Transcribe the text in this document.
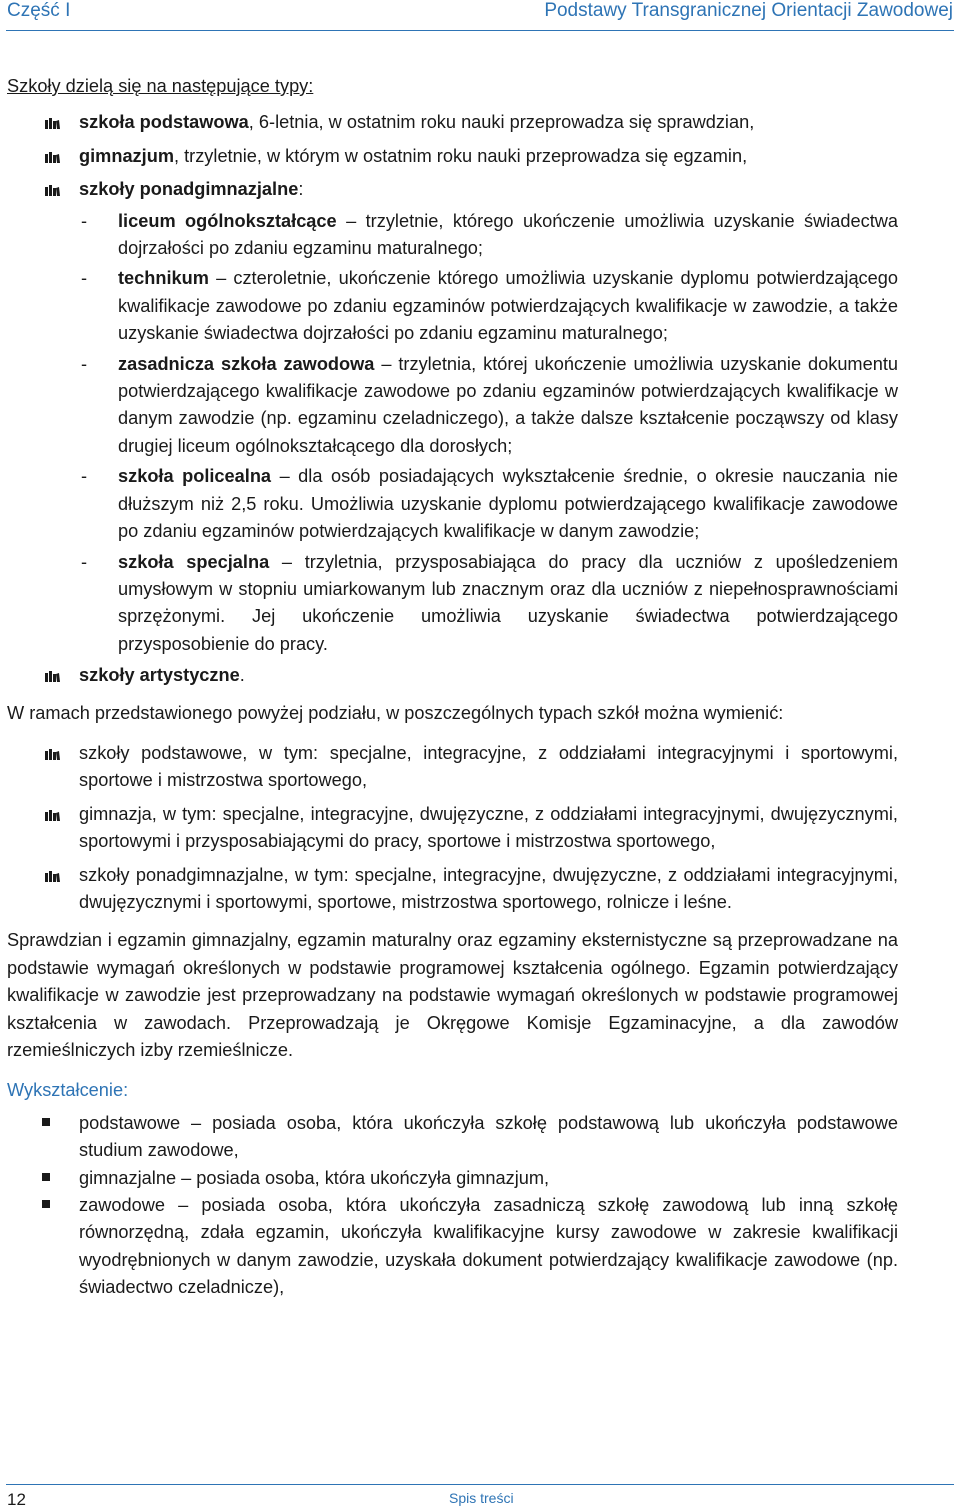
Część I	Podstawy Transgranicznej Orientacji Zawodowej

Szkoły dzielą się na następujące typy:

szkoła podstawowa, 6-letnia, w ostatnim roku nauki przeprowadza się sprawdzian,
gimnazjum, trzyletnie, w którym w ostatnim roku nauki przeprowadza się egzamin,
szkoły ponadgimnazjalne:
- liceum ogólnokształcące – trzyletnie, którego ukończenie umożliwia uzyskanie świadectwa dojrzałości po zdaniu egzaminu maturalnego;
- technikum – czteroletnie, ukończenie którego umożliwia uzyskanie dyplomu potwierdzającego kwalifikacje zawodowe po zdaniu egzaminów potwierdzających kwalifikacje w zawodzie, a także uzyskanie świadectwa dojrzałości po zdaniu egzaminu maturalnego;
- zasadnicza szkoła zawodowa – trzyletnia, której ukończenie umożliwia uzyskanie dokumentu potwierdzającego kwalifikacje zawodowe po zdaniu egzaminów potwierdzających kwalifikacje w danym zawodzie (np. egzaminu czeladniczego), a także dalsze kształcenie począwszy od klasy drugiej liceum ogólnokształcącego dla dorosłych;
- szkoła policealna – dla osób posiadających wykształcenie średnie, o okresie nauczania nie dłuższym niż 2,5 roku. Umożliwia uzyskanie dyplomu potwierdzającego kwalifikacje zawodowe po zdaniu egzaminów potwierdzających kwalifikacje w danym zawodzie;
- szkoła specjalna – trzyletnia, przysposabiająca do pracy dla uczniów z upośledzeniem umysłowym w stopniu umiarkowanym lub znacznym oraz dla uczniów z niepełnosprawnościami sprzężonymi. Jej ukończenie umożliwia uzyskanie świadectwa potwierdzającego przysposobienie do pracy.
szkoły artystyczne.

W ramach przedstawionego powyżej podziału, w poszczególnych typach szkół można wymienić:

szkoły podstawowe, w tym: specjalne, integracyjne, z oddziałami integracyjnymi i sportowymi, sportowe i mistrzostwa sportowego,
gimnazja, w tym: specjalne, integracyjne, dwujęzyczne, z oddziałami integracyjnymi, dwujęzycznymi, sportowymi i przysposabiającymi do pracy, sportowe i mistrzostwa sportowego,
szkoły ponadgimnazjalne, w tym: specjalne, integracyjne, dwujęzyczne, z oddziałami integracyjnymi, dwujęzycznymi i sportowymi, sportowe, mistrzostwa sportowego, rolnicze i leśne.

Sprawdzian i egzamin gimnazjalny, egzamin maturalny oraz egzaminy eksternistyczne są przeprowadzane na podstawie wymagań określonych w podstawie programowej kształcenia ogólnego. Egzamin potwierdzający kwalifikacje w zawodzie jest przeprowadzany na podstawie wymagań określonych w podstawie programowej kształcenia w zawodach. Przeprowadzają je Okręgowe Komisje Egzaminacyjne, a dla zawodów rzemieślniczych izby rzemieślnicze.

Wykształcenie:

podstawowe – posiada osoba, która ukończyła szkołę podstawową lub ukończyła podstawowe studium zawodowe,
gimnazjalne – posiada osoba, która ukończyła gimnazjum,
zawodowe – posiada osoba, która ukończyła zasadniczą szkołę zawodową lub inną szkołę równorzędną, zdała egzamin, ukończyła kwalifikacyjne kursy zawodowe w zakresie kwalifikacji wyodrębnionych w danym zawodzie, uzyskała dokument potwierdzający kwalifikacje zawodowe (np. świadectwo czeladnicze),
12	Spis treści
